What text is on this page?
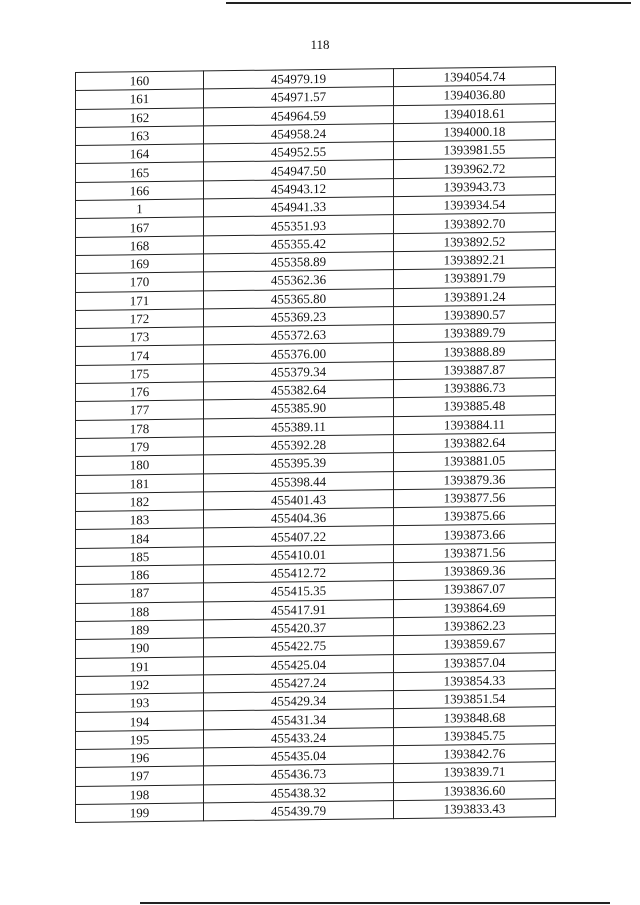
118
160	454979.19	1394054.74
161	454971.57	1394036.80
162	454964.59	1394018.61
163	454958.24	1394000.18
164	454952.55	1393981.55
165	454947.50	1393962.72
166	454943.12	1393943.73
1	454941.33	1393934.54
167	455351.93	1393892.70
168	455355.42	1393892.52
169	455358.89	1393892.21
170	455362.36	1393891.79
171	455365.80	1393891.24
172	455369.23	1393890.57
173	455372.63	1393889.79
174	455376.00	1393888.89
175	455379.34	1393887.87
176	455382.64	1393886.73
177	455385.90	1393885.48
178	455389.11	1393884.11
179	455392.28	1393882.64
180	455395.39	1393881.05
181	455398.44	1393879.36
182	455401.43	1393877.56
183	455404.36	1393875.66
184	455407.22	1393873.66
185	455410.01	1393871.56
186	455412.72	1393869.36
187	455415.35	1393867.07
188	455417.91	1393864.69
189	455420.37	1393862.23
190	455422.75	1393859.67
191	455425.04	1393857.04
192	455427.24	1393854.33
193	455429.34	1393851.54
194	455431.34	1393848.68
195	455433.24	1393845.75
196	455435.04	1393842.76
197	455436.73	1393839.71
198	455438.32	1393836.60
199	455439.79	1393833.43
